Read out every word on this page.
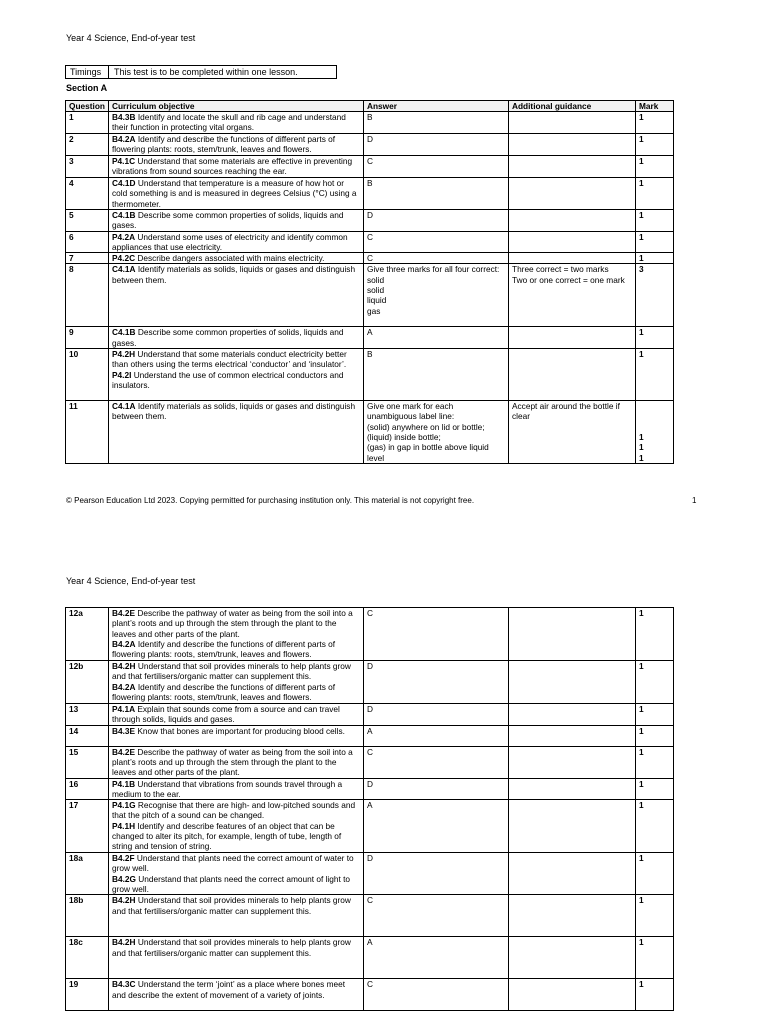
Year 4 Science, End-of-year test
Timings	This test is to be completed within one lesson.
Section A
Question	Curriculum objective	Answer	Additional guidance	Mark
1	B4.3B Identify and locate the skull and rib cage and understand their function in protecting vital organs.	B		1

2	B4.2A Identify and describe the functions of different parts of flowering plants: roots, stem/trunk, leaves and flowers.	D		1

3	P4.1C Understand that some materials are effective in preventing vibrations from sound sources reaching the ear.	C		1

4	C4.1D Understand that temperature is a measure of how hot or cold something is and is measured in degrees Celsius (°C) using a thermometer.	B		1

5	C4.1B Describe some common properties of solids, liquids and gases.	D		1

6	P4.2A Understand some uses of electricity and identify common appliances that use electricity.	C		1

7	P4.2C Describe dangers associated with mains electricity.	C		1

8	C4.1A Identify materials as solids, liquids or gases and distinguish between them.	Give three marks for all four correct:
solid
solid
liquid
gas	Three correct = two marks
Two or one correct = one mark	3

9	C4.1B Describe some common properties of solids, liquids and gases.	A		1

10	P4.2H Understand that some materials conduct electricity better than others using the terms electrical ‘conductor’ and ‘insulator’.
P4.2I Understand the use of common electrical conductors and insulators.	B		1

11	C4.1A Identify materials as solids, liquids or gases and distinguish between them.	Give one mark for each unambiguous label line:
(solid) anywhere on lid or bottle;
(liquid) inside bottle;
(gas) in gap in bottle above liquid level	Accept air around the bottle if clear	1
1
1
© Pearson Education Ltd 2023. Copying permitted for purchasing institution only. This material is not copyright free.	1
Year 4 Science, End-of-year test
12a	B4.2E Describe the pathway of water as being from the soil into a plant’s roots and up through the stem through the plant to the leaves and other parts of the plant.
B4.2A Identify and describe the functions of different parts of flowering plants: roots, stem/trunk, leaves and flowers.	C		1

12b	B4.2H Understand that soil provides minerals to help plants grow and that fertilisers/organic matter can supplement this.
B4.2A Identify and describe the functions of different parts of flowering plants: roots, stem/trunk, leaves and flowers.	D		1

13	P4.1A Explain that sounds come from a source and can travel through solids, liquids and gases.	D		1

14	B4.3E Know that bones are important for producing blood cells.	A		1

15	B4.2E Describe the pathway of water as being from the soil into a plant’s roots and up through the stem through the plant to the leaves and other parts of the plant.	C		1

16	P4.1B Understand that vibrations from sounds travel through a medium to the ear.	D		1

17	P4.1G Recognise that there are high- and low-pitched sounds and that the pitch of a sound can be changed.
P4.1H Identify and describe features of an object that can be changed to alter its pitch, for example, length of tube, length of string and tension of string.	A		1

18a	B4.2F Understand that plants need the correct amount of water to grow well.
B4.2G Understand that plants need the correct amount of light to grow well.	D		1

18b	B4.2H Understand that soil provides minerals to help plants grow and that fertilisers/organic matter can supplement this.	C		1

18c	B4.2H Understand that soil provides minerals to help plants grow and that fertilisers/organic matter can supplement this.	A		1

19	B4.3C Understand the term ‘joint’ as a place where bones meet and describe the extent of movement of a variety of joints.	C		1
